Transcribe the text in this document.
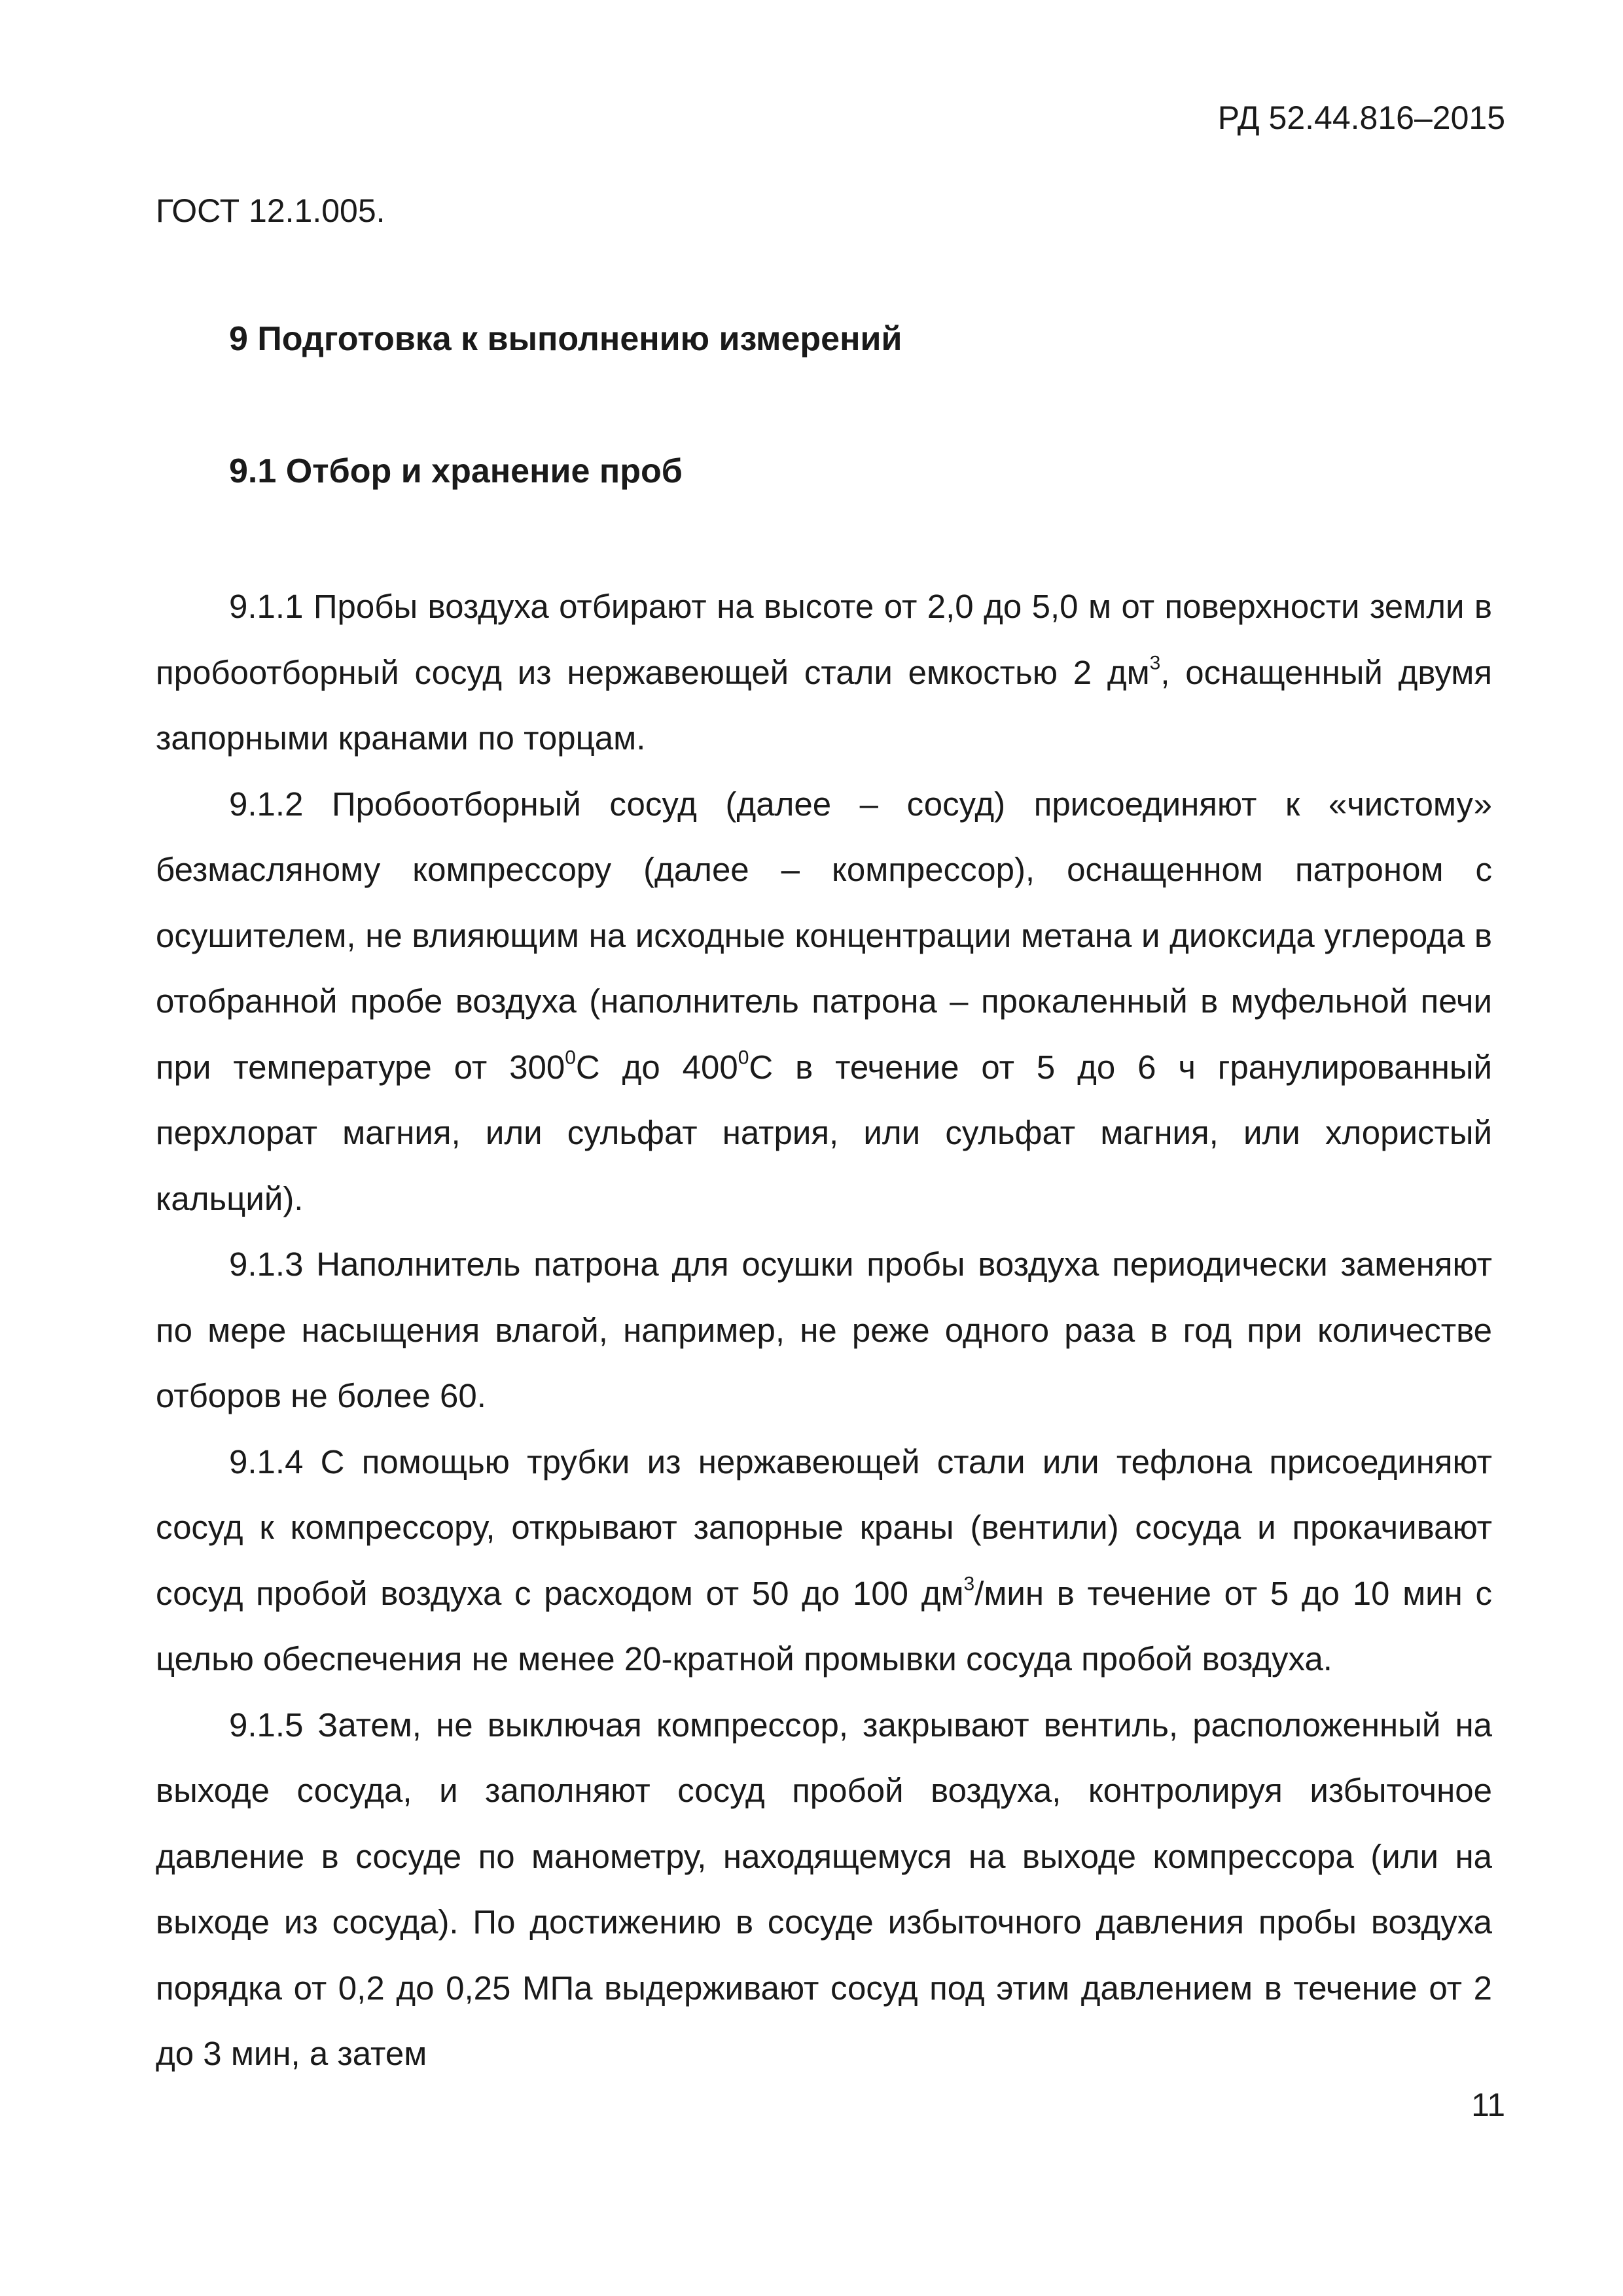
РД 52.44.816–2015
ГОСТ 12.1.005.
9 Подготовка к выполнению измерений
9.1 Отбор и хранение проб

9.1.1 Пробы воздуха отбирают на высоте от 2,0 до 5,0 м от поверхности земли в пробоотборный сосуд из нержавеющей стали емкостью 2 $дм^3$, оснащенный двумя запорными кранами по торцам.

9.1.2 Пробоотборный сосуд (далее – сосуд) присоединяют к «чистому» безмасляному компрессору (далее – компрессор), оснащенном патроном с осушителем, не влияющим на исходные концентрации метана и диоксида углерода в отобранной пробе воздуха (наполнитель патрона – прокаленный в муфельной печи при температуре от $300^0С$ до $400^0С$ в течение от 5 до 6 ч гранулированный перхлорат магния, или сульфат натрия, или сульфат магния, или хлористый кальций).

9.1.3 Наполнитель патрона для осушки пробы воздуха периодически заменяют по мере насыщения влагой, например, не реже одного раза в год при количестве отборов не более 60.

9.1.4 С помощью трубки из нержавеющей стали или тефлона присоединяют сосуд к компрессору, открывают запорные краны (вентили) сосуда и прокачивают сосуд пробой воздуха с расходом от 50 до 100 $дм^3$/мин в течение от 5 до 10 мин с целью обеспечения не менее 20-кратной промывки сосуда пробой воздуха.

9.1.5 Затем, не выключая компрессор, закрывают вентиль, расположенный на выходе сосуда, и заполняют сосуд пробой воздуха, контролируя избыточное давление в сосуде по манометру, находящемуся на выходе компрессора (или на выходе из сосуда). По достижению в сосуде избыточного давления пробы воздуха порядка от 0,2 до 0,25 МПа выдерживают сосуд под этим давлением в течение от 2 до 3 мин, а затем

11
